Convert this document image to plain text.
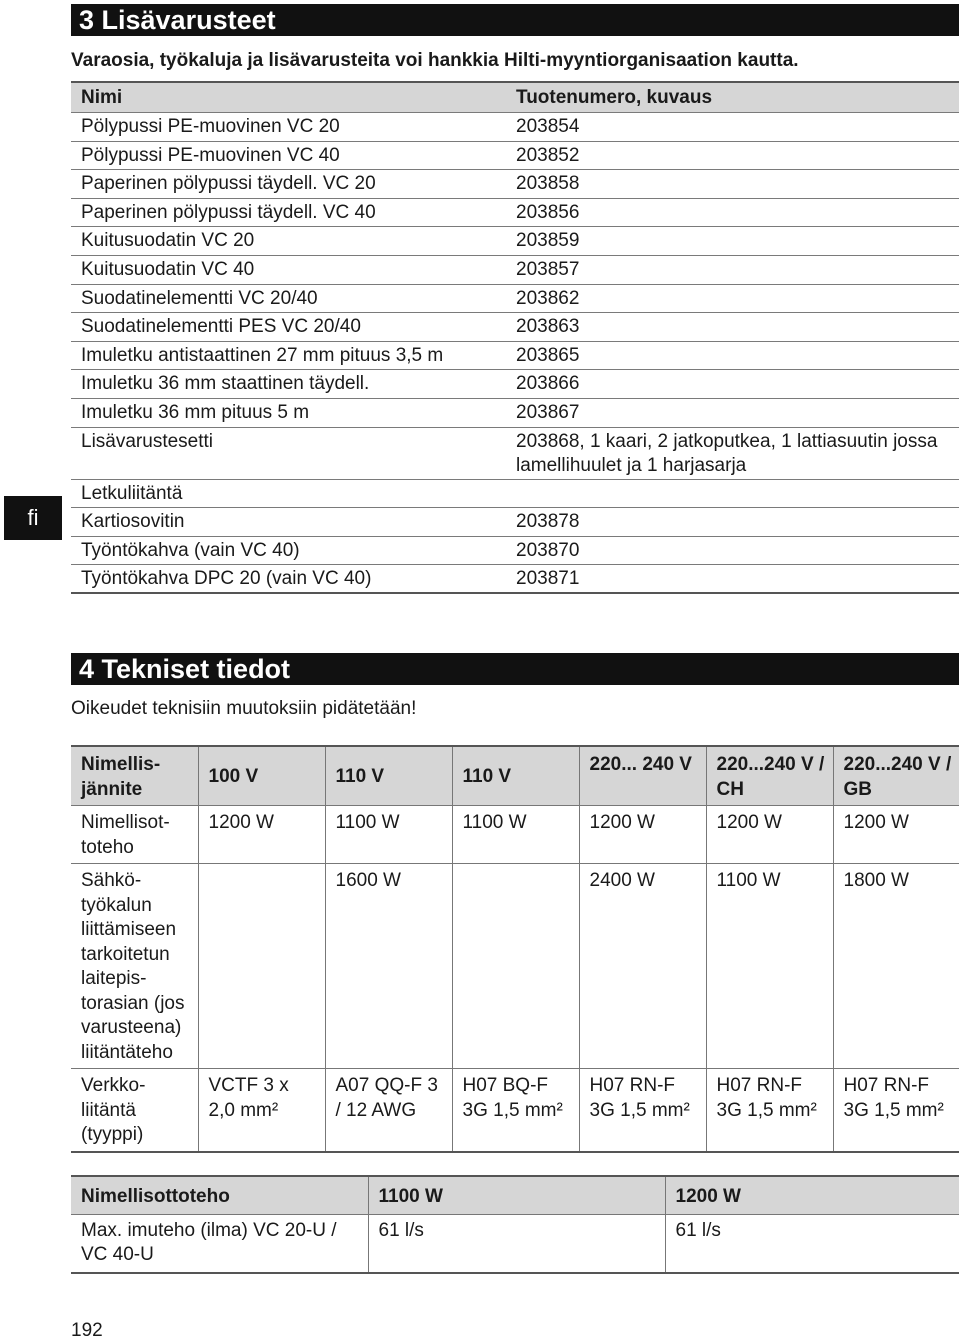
3 Lisävarusteet
Varaosia, työkaluja ja lisävarusteita voi hankkia Hilti-myyntiorganisaation kautta.
Nimi	Tuotenumero, kuvaus
Pölypussi PE-muovinen VC 20	203854
Pölypussi PE-muovinen VC 40	203852
Paperinen pölypussi täydell. VC 20	203858
Paperinen pölypussi täydell. VC 40	203856
Kuitusuodatin VC 20	203859
Kuitusuodatin VC 40	203857
Suodatinelementti VC 20/40	203862
Suodatinelementti PES VC 20/40	203863
Imuletku antistaattinen 27 mm pituus 3,5 m	203865
Imuletku 36 mm staattinen täydell.	203866
Imuletku 36 mm pituus 5 m	203867
Lisävarustesetti	203868, 1 kaari, 2 jatkoputkea, 1 lattiasuutin jossa lamellihuulet ja 1 harjasarja
Letkuliitäntä
Kartiosovitin	203878
Työntökahva (vain VC 40)	203870
Työntökahva DPC 20 (vain VC 40)	203871
fi
4 Tekniset tiedot
Oikeudet teknisiin muutoksiin pidätetään!
Nimellisjännite	100 V	110 V	110 V	220... 240 V	220...240 V / CH	220...240 V / GB
Nimellisottoteho	1200 W	1100 W	1100 W	1200 W	1200 W	1200 W
Sähkötyökalun liittämiseen tarkoitetun laitepistorasian (jos varusteena) liitäntäteho		1600 W		2400 W	1100 W	1800 W
Verkkoliitäntä (tyyppi)	VCTF 3 x 2,0 mm²	A07 QQ-F 3 / 12 AWG	H07 BQ-F 3G 1,5 mm²	H07 RN-F 3G 1,5 mm²	H07 RN-F 3G 1,5 mm²	H07 RN-F 3G 1,5 mm²
Nimellisottoteho	1100 W	1200 W
Max. imuteho (ilma) VC 20-U / VC 40-U	61 l/s	61 l/s
192
